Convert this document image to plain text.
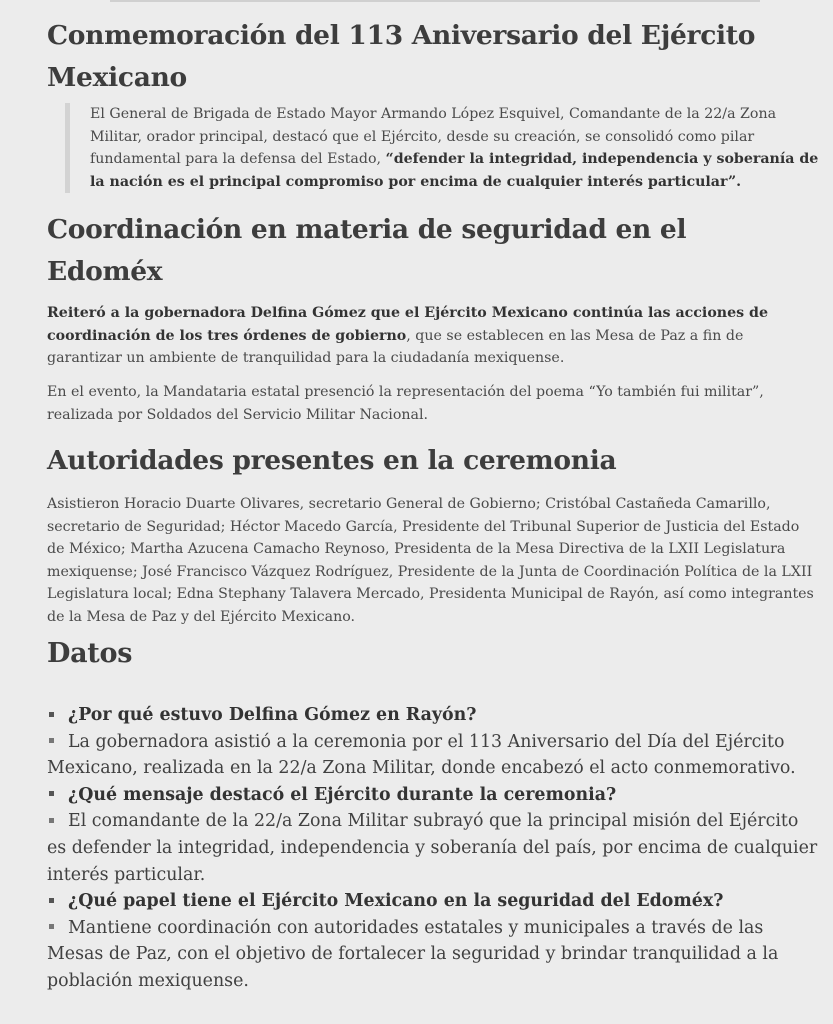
Conmemoración del 113 Aniversario del Ejército Mexicano
El General de Brigada de Estado Mayor Armando López Esquivel, Comandante de la 22/a Zona Militar, orador principal, destacó que el Ejército, desde su creación, se consolidó como pilar fundamental para la defensa del Estado, “defender la integridad, independencia y soberanía de la nación es el principal compromiso por encima de cualquier interés particular”.
Coordinación en materia de seguridad en el Edoméx

Reiteró a la gobernadora Delfina Gómez que el Ejército Mexicano continúa las acciones de coordinación de los tres órdenes de gobierno, que se establecen en las Mesa de Paz a fin de garantizar un ambiente de tranquilidad para la ciudadanía mexiquense.

En el evento, la Mandataria estatal presenció la representación del poema “Yo también fui militar”, realizada por Soldados del Servicio Militar Nacional.

Autoridades presentes en la ceremonia

Asistieron Horacio Duarte Olivares, secretario General de Gobierno; Cristóbal Castañeda Camarillo, secretario de Seguridad; Héctor Macedo García, Presidente del Tribunal Superior de Justicia del Estado de México; Martha Azucena Camacho Reynoso, Presidenta de la Mesa Directiva de la LXII Legislatura mexiquense; José Francisco Vázquez Rodríguez, Presidente de la Junta de Coordinación Política de la LXII Legislatura local; Edna Stephany Talavera Mercado, Presidenta Municipal de Rayón, así como integrantes de la Mesa de Paz y del Ejército Mexicano.

Datos
¿Por qué estuvo Delfina Gómez en Rayón?
La gobernadora asistió a la ceremonia por el 113 Aniversario del Día del Ejército Mexicano, realizada en la 22/a Zona Militar, donde encabezó el acto conmemorativo.
¿Qué mensaje destacó el Ejército durante la ceremonia?
El comandante de la 22/a Zona Militar subrayó que la principal misión del Ejército es defender la integridad, independencia y soberanía del país, por encima de cualquier interés particular.
¿Qué papel tiene el Ejército Mexicano en la seguridad del Edoméx?
Mantiene coordinación con autoridades estatales y municipales a través de las Mesas de Paz, con el objetivo de fortalecer la seguridad y brindar tranquilidad a la población mexiquense.
